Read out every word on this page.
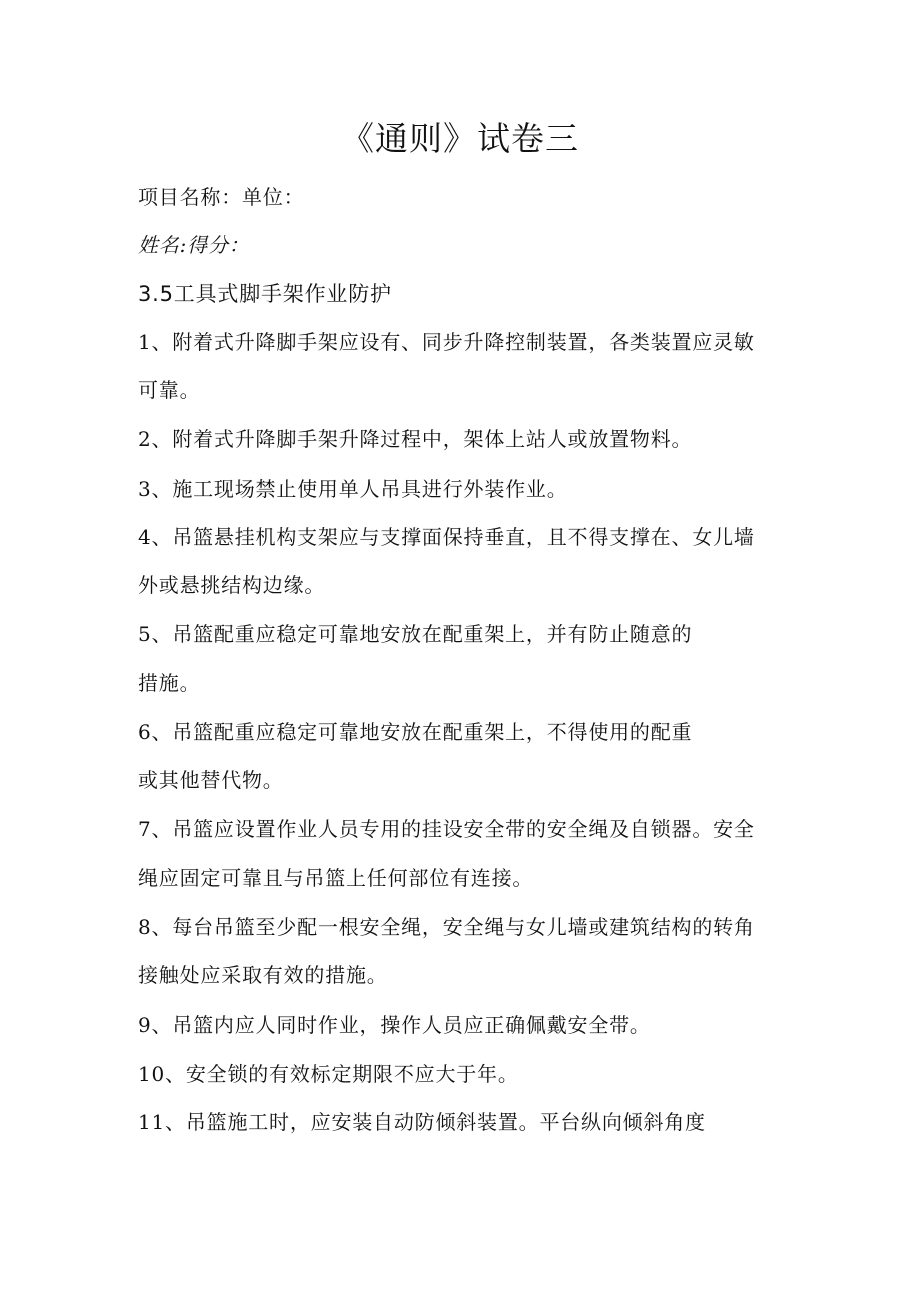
《通则》试卷三
项目名称：单位：
姓名:得分：
3.5工具式脚手架作业防护
1、附着式升降脚手架应设有、同步升降控制装置，各类装置应灵敏
可靠。
2、附着式升降脚手架升降过程中，架体上站人或放置物料。
3、施工现场禁止使用单人吊具进行外装作业。
4、吊篮悬挂机构支架应与支撑面保持垂直，且不得支撑在、女儿墙
外或悬挑结构边缘。
5、吊篮配重应稳定可靠地安放在配重架上，并有防止随意的
措施。
6、吊篮配重应稳定可靠地安放在配重架上，不得使用的配重
或其他替代物。
7、吊篮应设置作业人员专用的挂设安全带的安全绳及自锁器。安全
绳应固定可靠且与吊篮上任何部位有连接。
8、每台吊篮至少配一根安全绳，安全绳与女儿墙或建筑结构的转角
接触处应采取有效的措施。
9、吊篮内应人同时作业，操作人员应正确佩戴安全带。
10、安全锁的有效标定期限不应大于年。
11、吊篮施工时，应安装自动防倾斜装置。平台纵向倾斜角度
